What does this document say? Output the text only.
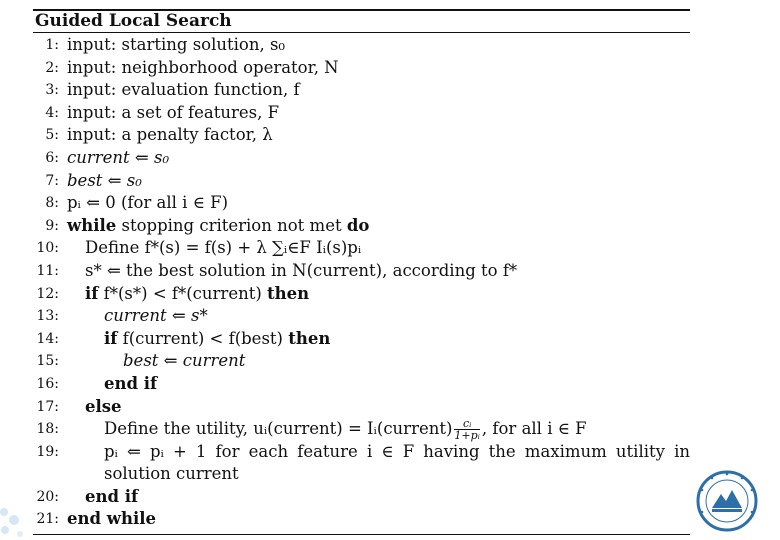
Guided Local Search
1: input: starting solution, s₀
2: input: neighborhood operator, N
3: input: evaluation function, f
4: input: a set of features, F
5: input: a penalty factor, λ
6: current ⇐ s₀
7: best ⇐ s₀
8: pᵢ ⇐ 0 (for all i ∈ F)
9: while stopping criterion not met do
10: Define f*(s) = f(s) + λ ∑ᵢ∈F Iᵢ(s)pᵢ
11: s* ⇐ the best solution in N(current), according to f*
12: if f*(s*) < f*(current) then
13:	current ⇐ s*
14:	if f(current) < f(best) then
15:	best ⇐ current
16:	end if
17: else
18:	Define the utility, uᵢ(current) = Iᵢ(current) $\frac{\text{cᵢ}}{\text{1+pᵢ}}$ , for all i ∈ F
19:	pᵢ ⇐ pᵢ + 1 for each feature i ∈ F having the maximum utility in solution current
20: end if
21: end while
